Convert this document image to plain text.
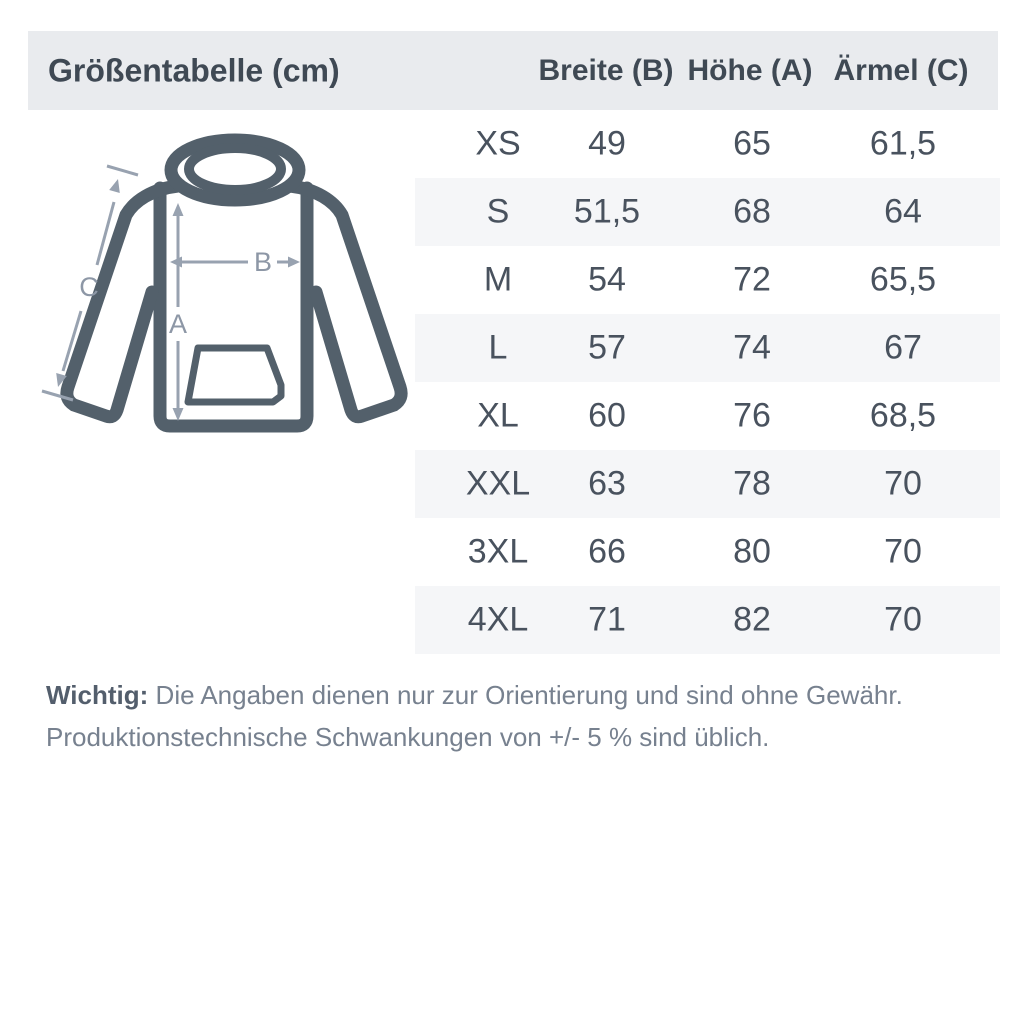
Größentabelle (cm)	Breite (B) Höhe (A) Ärmel (C)
A
B
C
XS 49	65	61,5
S 51,5	68	64
M 54	72	65,5
L 57	74	67
XL 60	76	68,5
XXL 63	78	70
3XL 66	80	70
4XL 71	82	70
Wichtig: Die Angaben dienen nur zur Orientierung und sind ohne Gewähr.
Produktionstechnische Schwankungen von +/- 5 % sind üblich.
